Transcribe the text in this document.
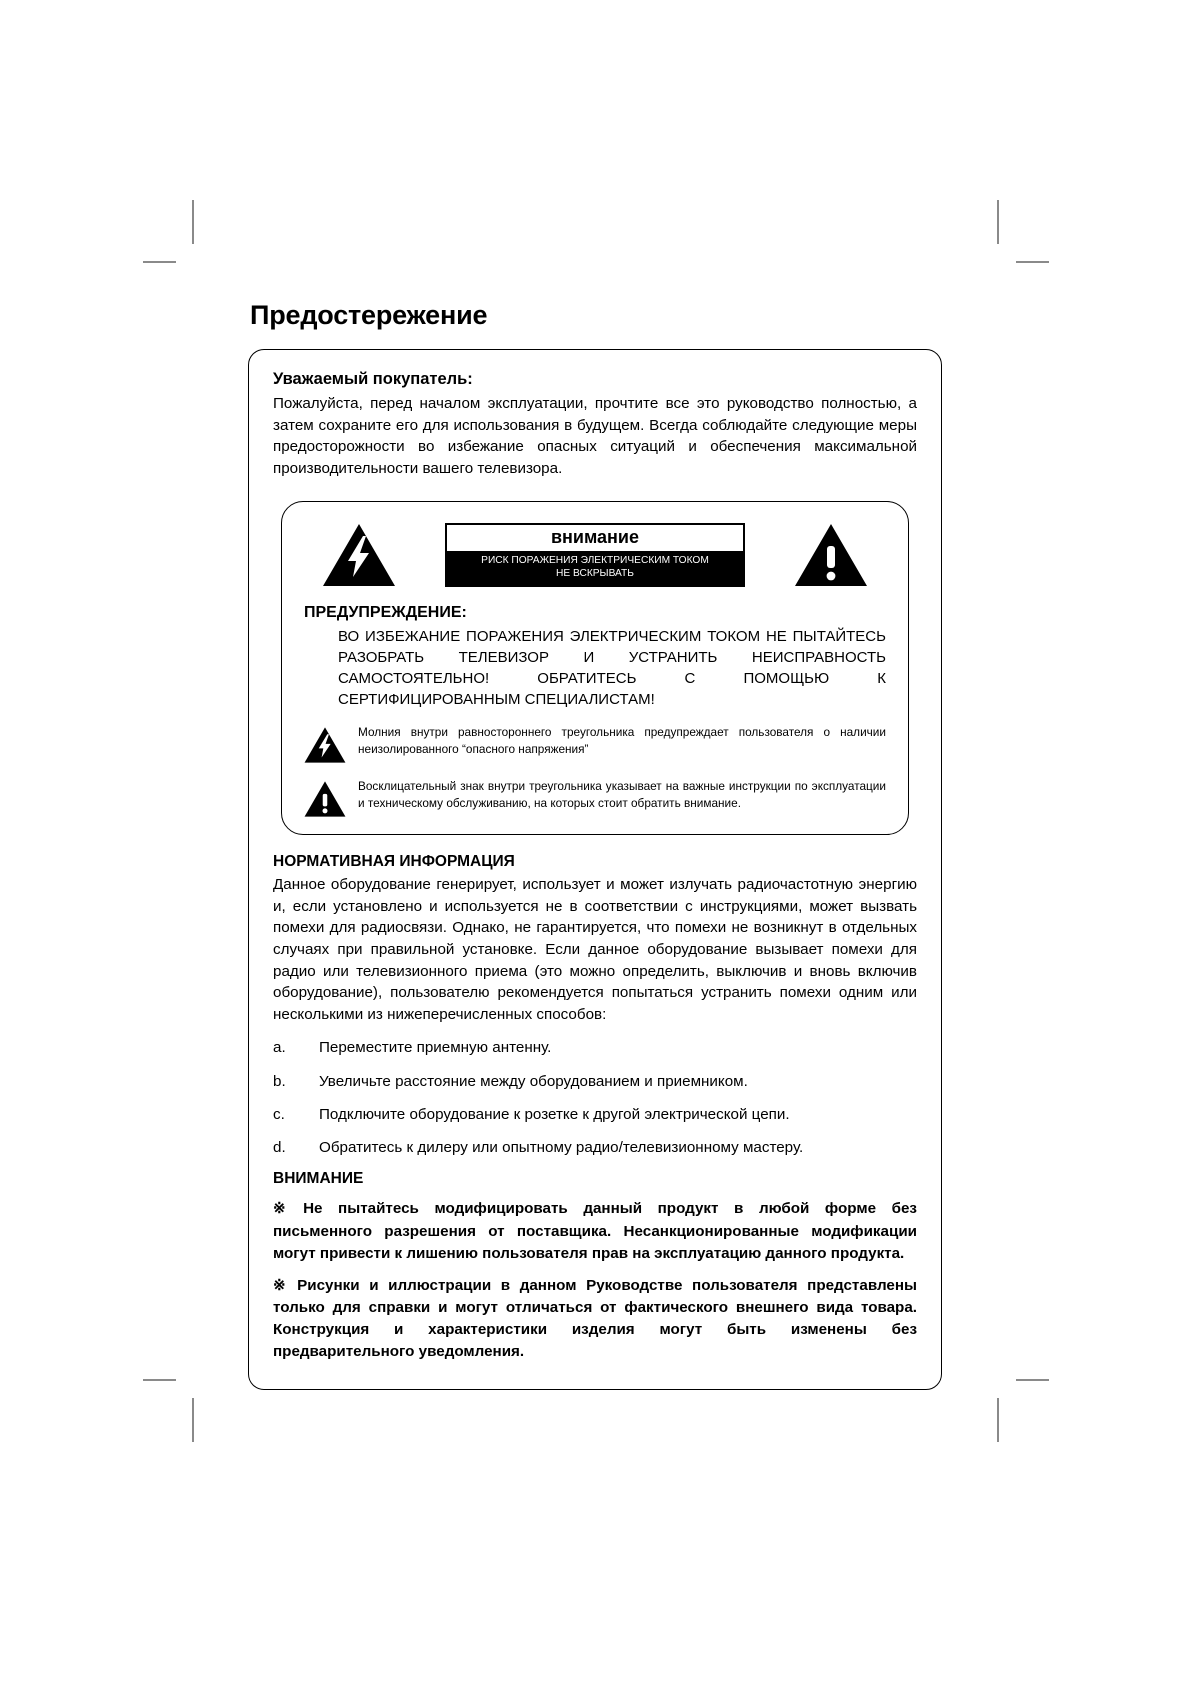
Предостережение
Уважаемый покупатель:

Пожалуйста, перед началом эксплуатации, прочтите все это руководство полностью, а затем сохраните его для использования в будущем. Всегда соблюдайте следующие меры предосторожности во избежание опасных ситуаций и обеспечения максимальной производительности вашего телевизора.

внимание
РИСК ПОРАЖЕНИЯ ЭЛЕКТРИЧЕСКИМ ТОКОМ
НЕ ВСКРЫВАТЬ
ПРЕДУПРЕЖДЕНИЕ:

ВО ИЗБЕЖАНИЕ ПОРАЖЕНИЯ ЭЛЕКТРИЧЕСКИМ ТОКОМ НЕ ПЫТАЙТЕСЬ РАЗОБРАТЬ ТЕЛЕВИЗОР И УСТРАНИТЬ НЕИСПРАВНОСТЬ САМОСТОЯТЕЛЬНО! ОБРАТИТЕСЬ С ПОМОЩЬЮ К СЕРТИФИЦИРОВАННЫМ СПЕЦИАЛИСТАМ!

Молния внутри равностороннего треугольника предупреждает пользователя о наличии неизолированного “опасного напряжения”
Восклицательный знак внутри треугольника указывает на важные инструкции по эксплуатации и техническому обслуживанию, на которых стоит обратить внимание.
НОРМАТИВНАЯ ИНФОРМАЦИЯ

Данное оборудование генерирует, использует и может излучать радиочастотную энергию и, если установлено и используется не в соответствии с инструкциями, может вызвать помехи для радиосвязи. Однако, не гарантируется, что помехи не возникнут в отдельных случаях при правильной установке. Если данное оборудование вызывает помехи для радио или телевизионного приема (это можно определить, выключив и вновь включив оборудование), пользователю рекомендуется попытаться устранить помехи одним или несколькими из нижеперечисленных способов:

a.	Переместите приемную антенну.
b.	Увеличьте расстояние между оборудованием и приемником.
c.	Подключите оборудование к розетке к другой электрической цепи.
d.	Обратитесь к дилеру или опытному радио/телевизионному мастеру.
ВНИМАНИЕ

※ Не пытайтесь модифицировать данный продукт в любой форме без письменного разрешения от поставщика. Несанкционированные модификации могут привести к лишению пользователя прав на эксплуатацию данного продукта.

※ Рисунки и иллюстрации в данном Руководстве пользователя представлены только для справки и могут отличаться от фактического внешнего вида товара. Конструкция и характеристики изделия могут быть изменены без предварительного уведомления.
